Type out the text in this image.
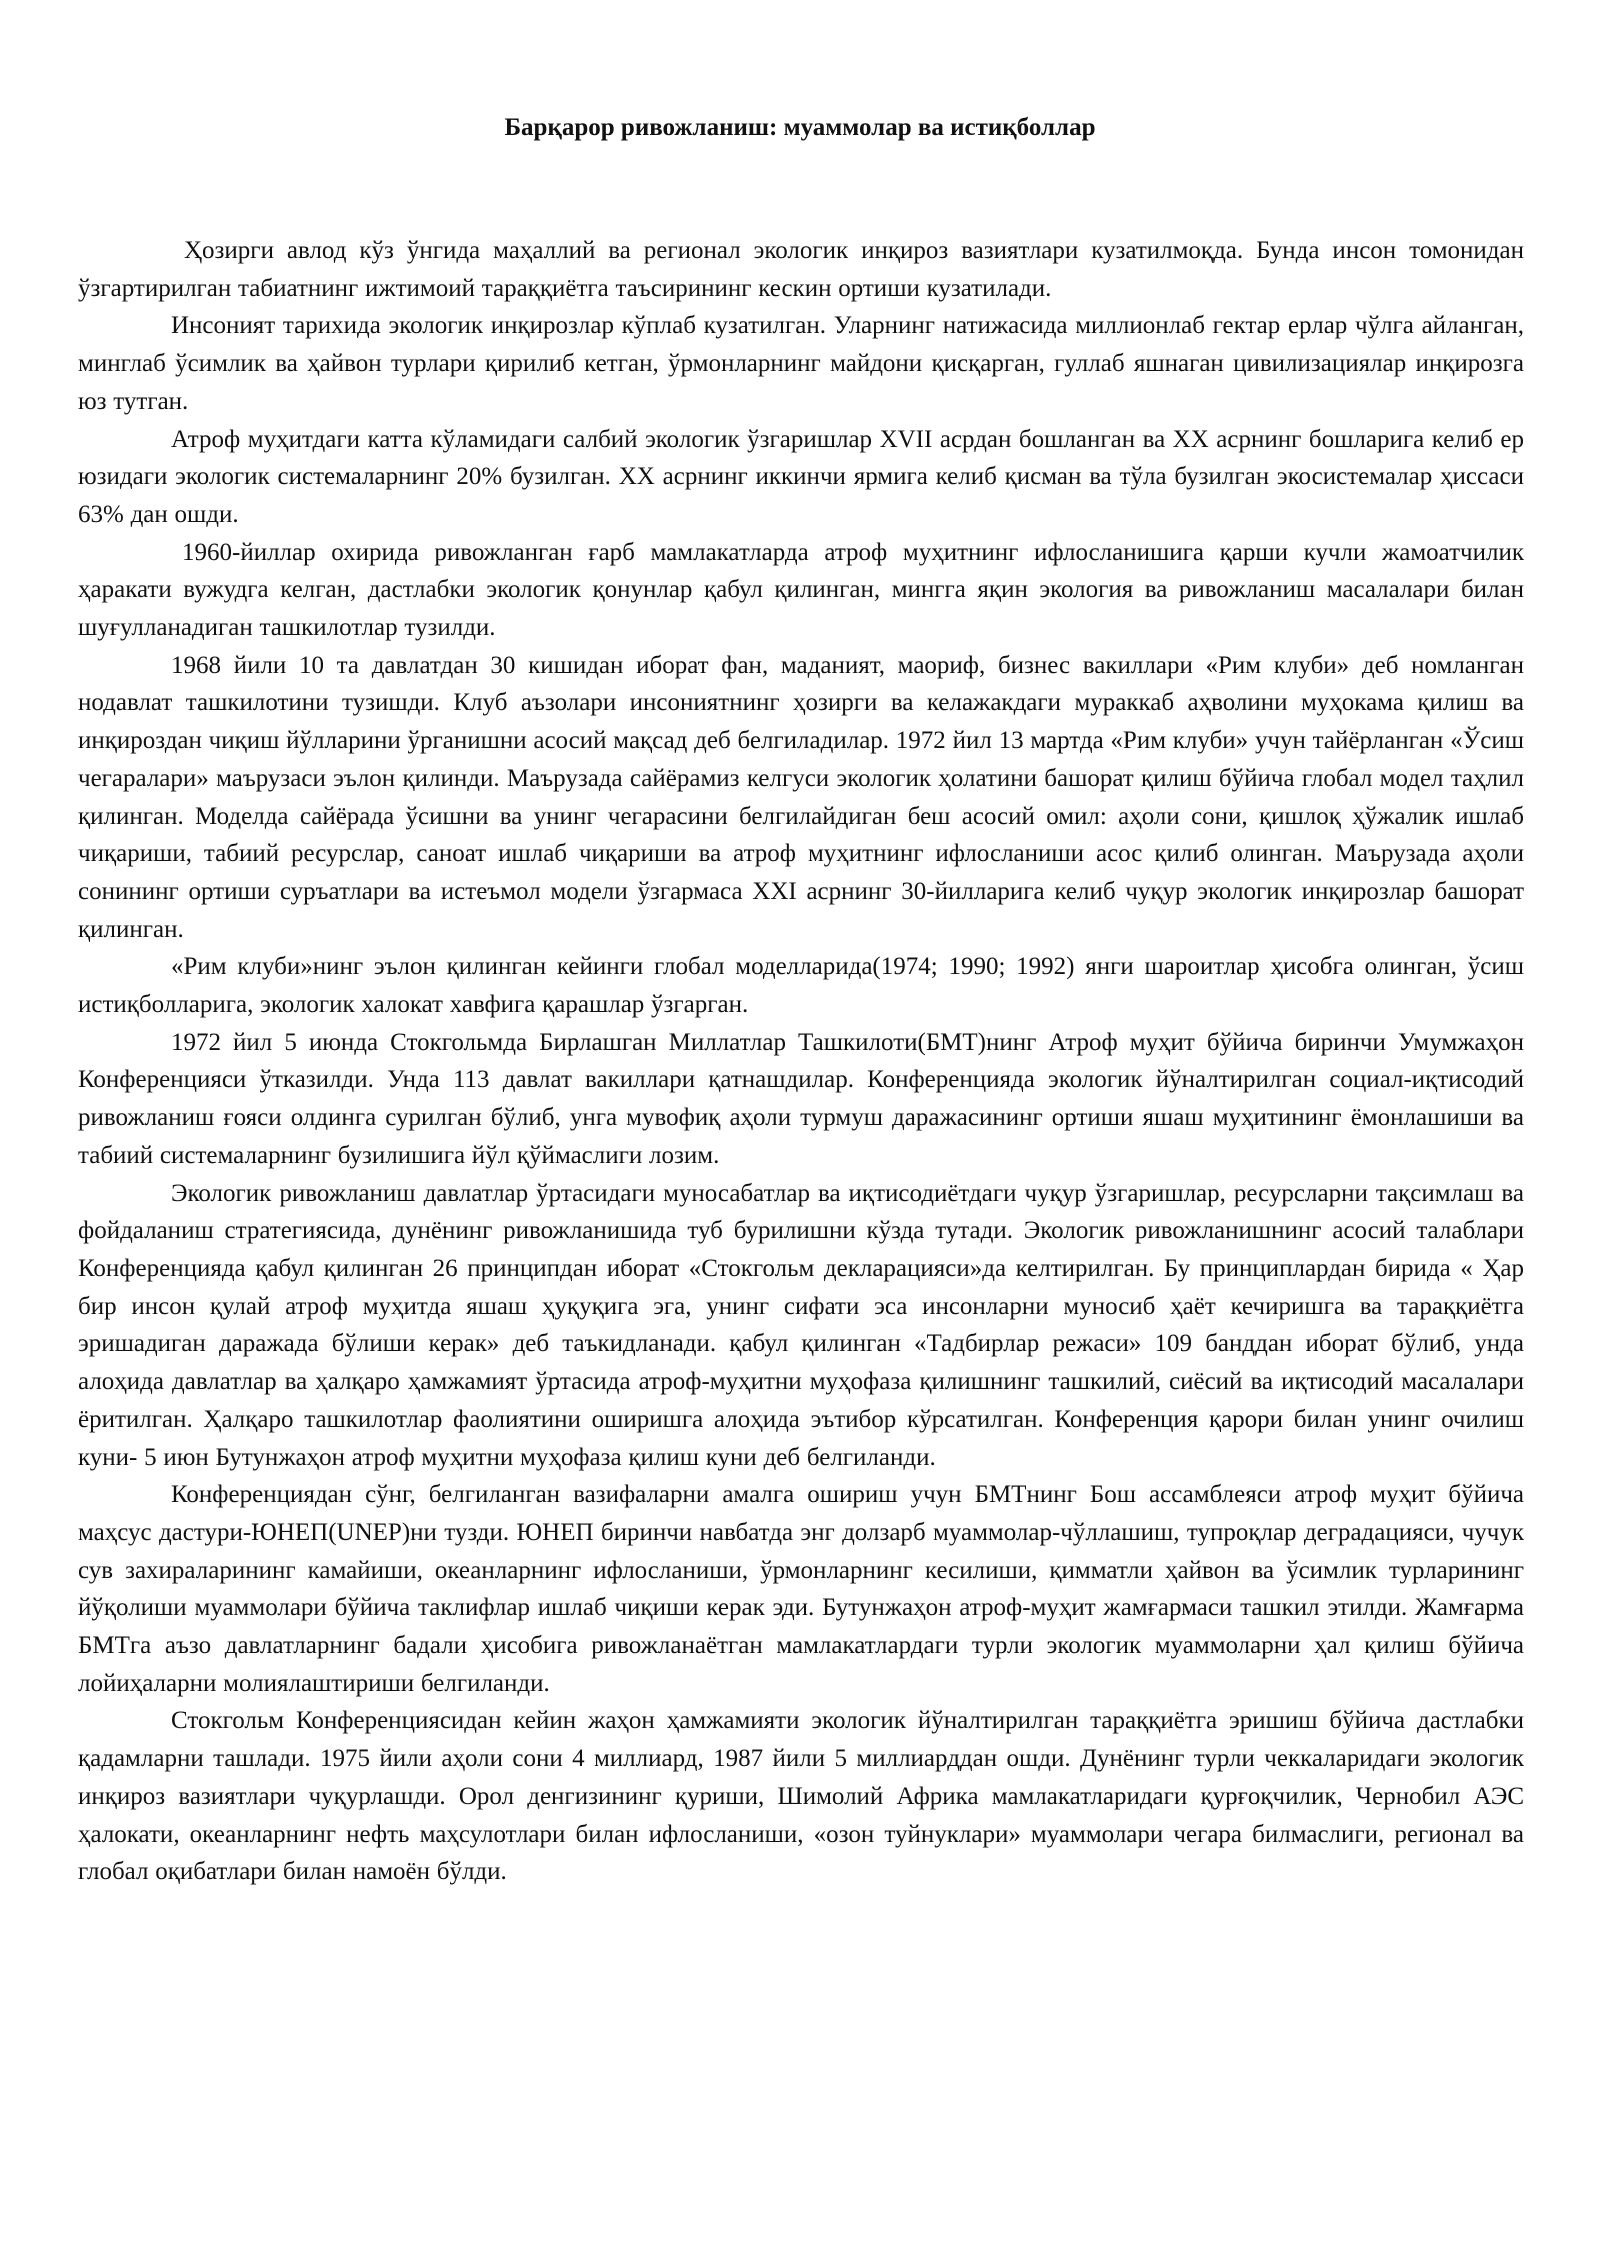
Барқарор ривожланиш: муаммолар ва истиқболлар

Ҳозирги авлод кўз ўнгида маҳаллий ва регионал экологик инқироз вазиятлари кузатилмоқда. Бунда инсон томонидан ўзгартирилган табиатнинг ижтимоий тараққиётга таъсирининг кескин ортиши кузатилади.

Инсоният тарихида экологик инқирозлар кўплаб кузатилган. Уларнинг натижасида миллионлаб гектар ерлар чўлга айланган, минглаб ўсимлик ва ҳайвон турлари қирилиб кетган, ўрмонларнинг майдони қисқарган, гуллаб яшнаган цивилизациялар инқирозга юз тутган.

Атроф муҳитдаги катта кўламидаги салбий экологик ўзгаришлар XVII асрдан бошланган ва XX асрнинг бошларига келиб ер юзидаги экологик системаларнинг 20% бузилган. XX асрнинг иккинчи ярмига келиб қисман ва тўла бузилган экосистемалар ҳиссаси 63% дан ошди.

1960-йиллар охирида ривожланган ғарб мамлакатларда атроф муҳитнинг ифлосланишига қарши кучли жамоатчилик ҳаракати вужудга келган, дастлабки экологик қонунлар қабул қилинган, мингга яқин экология ва ривожланиш масалалари билан шуғулланадиган ташкилотлар тузилди.

1968 йили 10 та давлатдан 30 кишидан иборат фан, маданият, маориф, бизнес вакиллари «Рим клуби» деб номланган нодавлат ташкилотини тузишди. Клуб аъзолари инсониятнинг ҳозирги ва келажакдаги мураккаб аҳволини муҳокама қилиш ва инқироздан чиқиш йўлларини ўрганишни асосий мақсад деб белгиладилар. 1972 йил 13 мартда «Рим клуби» учун тайёрланган «Ўсиш чегаралари» маърузаси эълон қилинди. Маърузада сайёрамиз келгуси экологик ҳолатини башорат қилиш бўйича глобал модел таҳлил қилинган. Моделда сайёрада ўсишни ва унинг чегарасини белгилайдиган беш асосий омил: аҳоли сони, қишлоқ ҳўжалик ишлаб чиқариши, табиий ресурслар, саноат ишлаб чиқариши ва атроф муҳитнинг ифлосланиши асос қилиб олинган. Маърузада аҳоли сонининг ортиши суръатлари ва истеъмол модели ўзгармаса XXI асрнинг 30-йилларига келиб чуқур экологик инқирозлар башорат қилинган.

«Рим клуби»нинг эълон қилинган кейинги глобал моделларида(1974; 1990; 1992) янги шароитлар ҳисобга олинган, ўсиш истиқболларига, экологик халокат хавфига қарашлар ўзгарган.

1972 йил 5 июнда Стокгольмда Бирлашган Миллатлар Ташкилоти(БМТ)нинг Атроф муҳит бўйича биринчи Умумжаҳон Конференцияси ўтказилди. Унда 113 давлат вакиллари қатнашдилар. Конференцияда экологик йўналтирилган социал-иқтисодий ривожланиш ғояси олдинга сурилган бўлиб, унга мувофиқ аҳоли турмуш даражасининг ортиши яшаш муҳитининг ёмонлашиши ва табиий системаларнинг бузилишига йўл қўймаслиги лозим.

Экологик ривожланиш давлатлар ўртасидаги муносабатлар ва иқтисодиётдаги чуқур ўзгаришлар, ресурсларни тақсимлаш ва фойдаланиш стратегиясида, дунёнинг ривожланишида туб бурилишни кўзда тутади. Экологик ривожланишнинг асосий талаблари Конференцияда қабул қилинган 26 принципдан иборат «Стокгольм декларацияси»да келтирилган. Бу принциплардан бирида « Ҳар бир инсон қулай атроф муҳитда яшаш ҳуқуқига эга, унинг сифати эса инсонларни муносиб ҳаёт кечиришга ва тараққиётга эришадиган даражада бўлиши керак» деб таъкидланади. қабул қилинган «Тадбирлар режаси» 109 банддан иборат бўлиб, унда алоҳида давлатлар ва ҳалқаро ҳамжамият ўртасида атроф-муҳитни муҳофаза қилишнинг ташкилий, сиёсий ва иқтисодий масалалари ёритилган. Ҳалқаро ташкилотлар фаолиятини оширишга алоҳида эътибор кўрсатилган. Конференция қарори билан унинг очилиш куни- 5 июн Бутунжаҳон атроф муҳитни муҳофаза қилиш куни деб белгиланди.

Конференциядан сўнг, белгиланган вазифаларни амалга ошириш учун БМТнинг Бош ассамблеяси атроф муҳит бўйича маҳсус дастури-ЮНЕП(UNEP)ни тузди. ЮНЕП биринчи навбатда энг долзарб муаммолар-чўллашиш, тупроқлар деградацияси, чучук сув захираларининг камайиши, океанларнинг ифлосланиши, ўрмонларнинг кесилиши, қимматли ҳайвон ва ўсимлик турларининг йўқолиши муаммолари бўйича таклифлар ишлаб чиқиши керак эди. Бутунжаҳон атроф-муҳит жамғармаси ташкил этилди. Жамғарма БМТга аъзо давлатларнинг бадали ҳисобига ривожланаётган мамлакатлардаги турли экологик муаммоларни ҳал қилиш бўйича лойиҳаларни молиялаштириши белгиланди.

Стокгольм Конференциясидан кейин жаҳон ҳамжамияти экологик йўналтирилган тараққиётга эришиш бўйича дастлабки қадамларни ташлади. 1975 йили аҳоли сони 4 миллиард, 1987 йили 5 миллиарддан ошди. Дунёнинг турли чеккаларидаги экологик инқироз вазиятлари чуқурлашди. Орол денгизининг қуриши, Шимолий Африка мамлакатларидаги қурғоқчилик, Чернобил АЭС ҳалокати, океанларнинг нефть маҳсулотлари билан ифлосланиши, «озон туйнуклари» муаммолари чегара билмаслиги, регионал ва глобал оқибатлари билан намоён бўлди.
